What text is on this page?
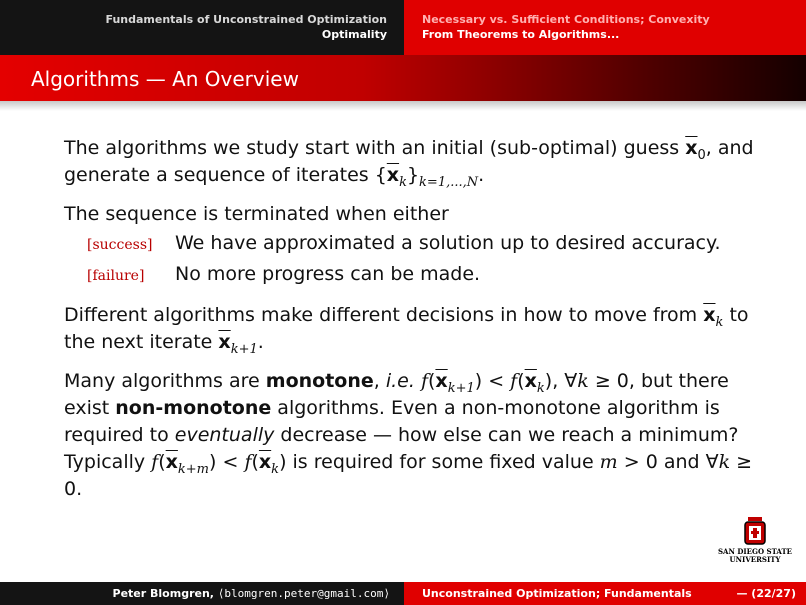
Fundamentals of Unconstrained Optimization
Optimality
Necessary vs. Sufficient Conditions; Convexity
From Theorems to Algorithms...
Algorithms — An Overview

The algorithms we study start with an initial (sub-optimal) guess $\overline{x}_0$, and generate a sequence of iterates $\{\overline{x}_k\}_{k=1,...,N}$.

The sequence is terminated when either
[success]	We have approximated a solution up to desired accuracy.
[failure]	No more progress can be made.

Different algorithms make different decisions in how to move from $\overline{x}_k$ to the next iterate $\overline{x}_{k+1}$.

Many algorithms are monotone, i.e. $f(\overline{x}_{k+1}) < f(\overline{x}_k)$, ∀k ≥ 0, but there exist non-monotone algorithms. Even a non-monotone algorithm is required to eventually decrease — how else can we reach a minimum? Typically $f(\overline{x}_{k+m}) < f(\overline{x}_k)$ is required for some fixed value m > 0 and ∀k ≥ 0.

SAN DIEGO STATE
UNIVERSITY
Peter Blomgren, ⟨blomgren.peter@gmail.com⟩	Unconstrained Optimization; Fundamentals	— (22/27)
